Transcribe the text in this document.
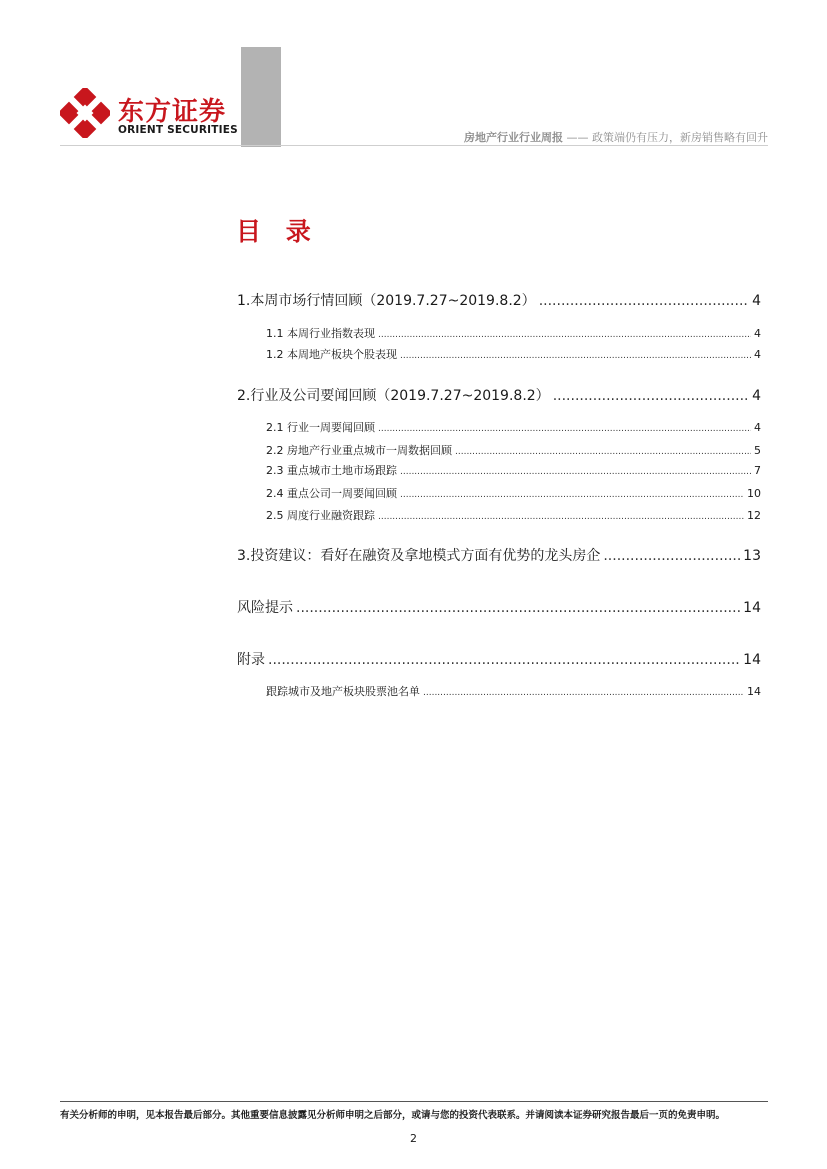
东方证券
ORIENT SECURITIES
房地产行业行业周报 —— 政策端仍有压力，新房销售略有回升
目 录
1.本周市场行情回顾（2019.7.27~2019.8.2） .....	4
1.1 本周行业指数表现 .....	4
1.2 本周地产板块个股表现 .....	4
2.行业及公司要闻回顾（2019.7.27~2019.8.2） .....	4
2.1 行业一周要闻回顾 .....	4
2.2 房地产行业重点城市一周数据回顾 .....	5
2.3 重点城市土地市场跟踪 .....	7
2.4 重点公司一周要闻回顾 .....	10
2.5 周度行业融资跟踪 .....	12
3.投资建议：看好在融资及拿地模式方面有优势的龙头房企 .....	13
风险提示 .....	14
附录 .....	14
跟踪城市及地产板块股票池名单 .....	14
有关分析师的申明，见本报告最后部分。其他重要信息披露见分析师申明之后部分，或请与您的投资代表联系。并请阅读本证券研究报告最后一页的免责申明。
2
